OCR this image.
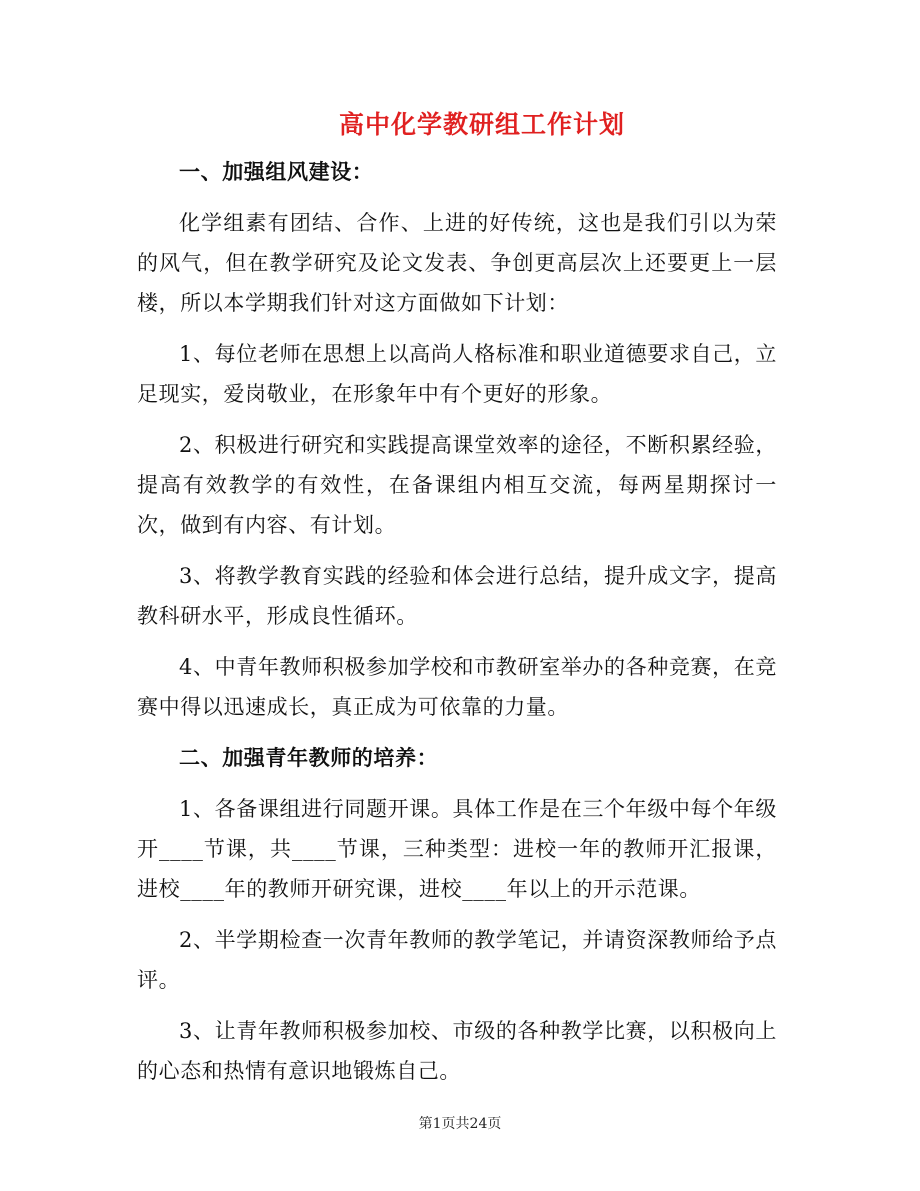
高中化学教研组工作计划

一、加强组风建设：

化学组素有团结、合作、上进的好传统，这也是我们引以为荣的风气，但在教学研究及论文发表、争创更高层次上还要更上一层楼，所以本学期我们针对这方面做如下计划：

1、每位老师在思想上以高尚人格标准和职业道德要求自己，立足现实，爱岗敬业，在形象年中有个更好的形象。

2、积极进行研究和实践提高课堂效率的途径，不断积累经验，提高有效教学的有效性，在备课组内相互交流，每两星期探讨一次，做到有内容、有计划。

3、将教学教育实践的经验和体会进行总结，提升成文字，提高教科研水平，形成良性循环。

4、中青年教师积极参加学校和市教研室举办的各种竞赛，在竞赛中得以迅速成长，真正成为可依靠的力量。

二、加强青年教师的培养：

1、各备课组进行同题开课。具体工作是在三个年级中每个年级开____节课，共____节课，三种类型：进校一年的教师开汇报课，进校____年的教师开研究课，进校____年以上的开示范课。

2、半学期检查一次青年教师的教学笔记，并请资深教师给予点评。

3、让青年教师积极参加校、市级的各种教学比赛，以积极向上的心态和热情有意识地锻炼自己。

第1页共24页
